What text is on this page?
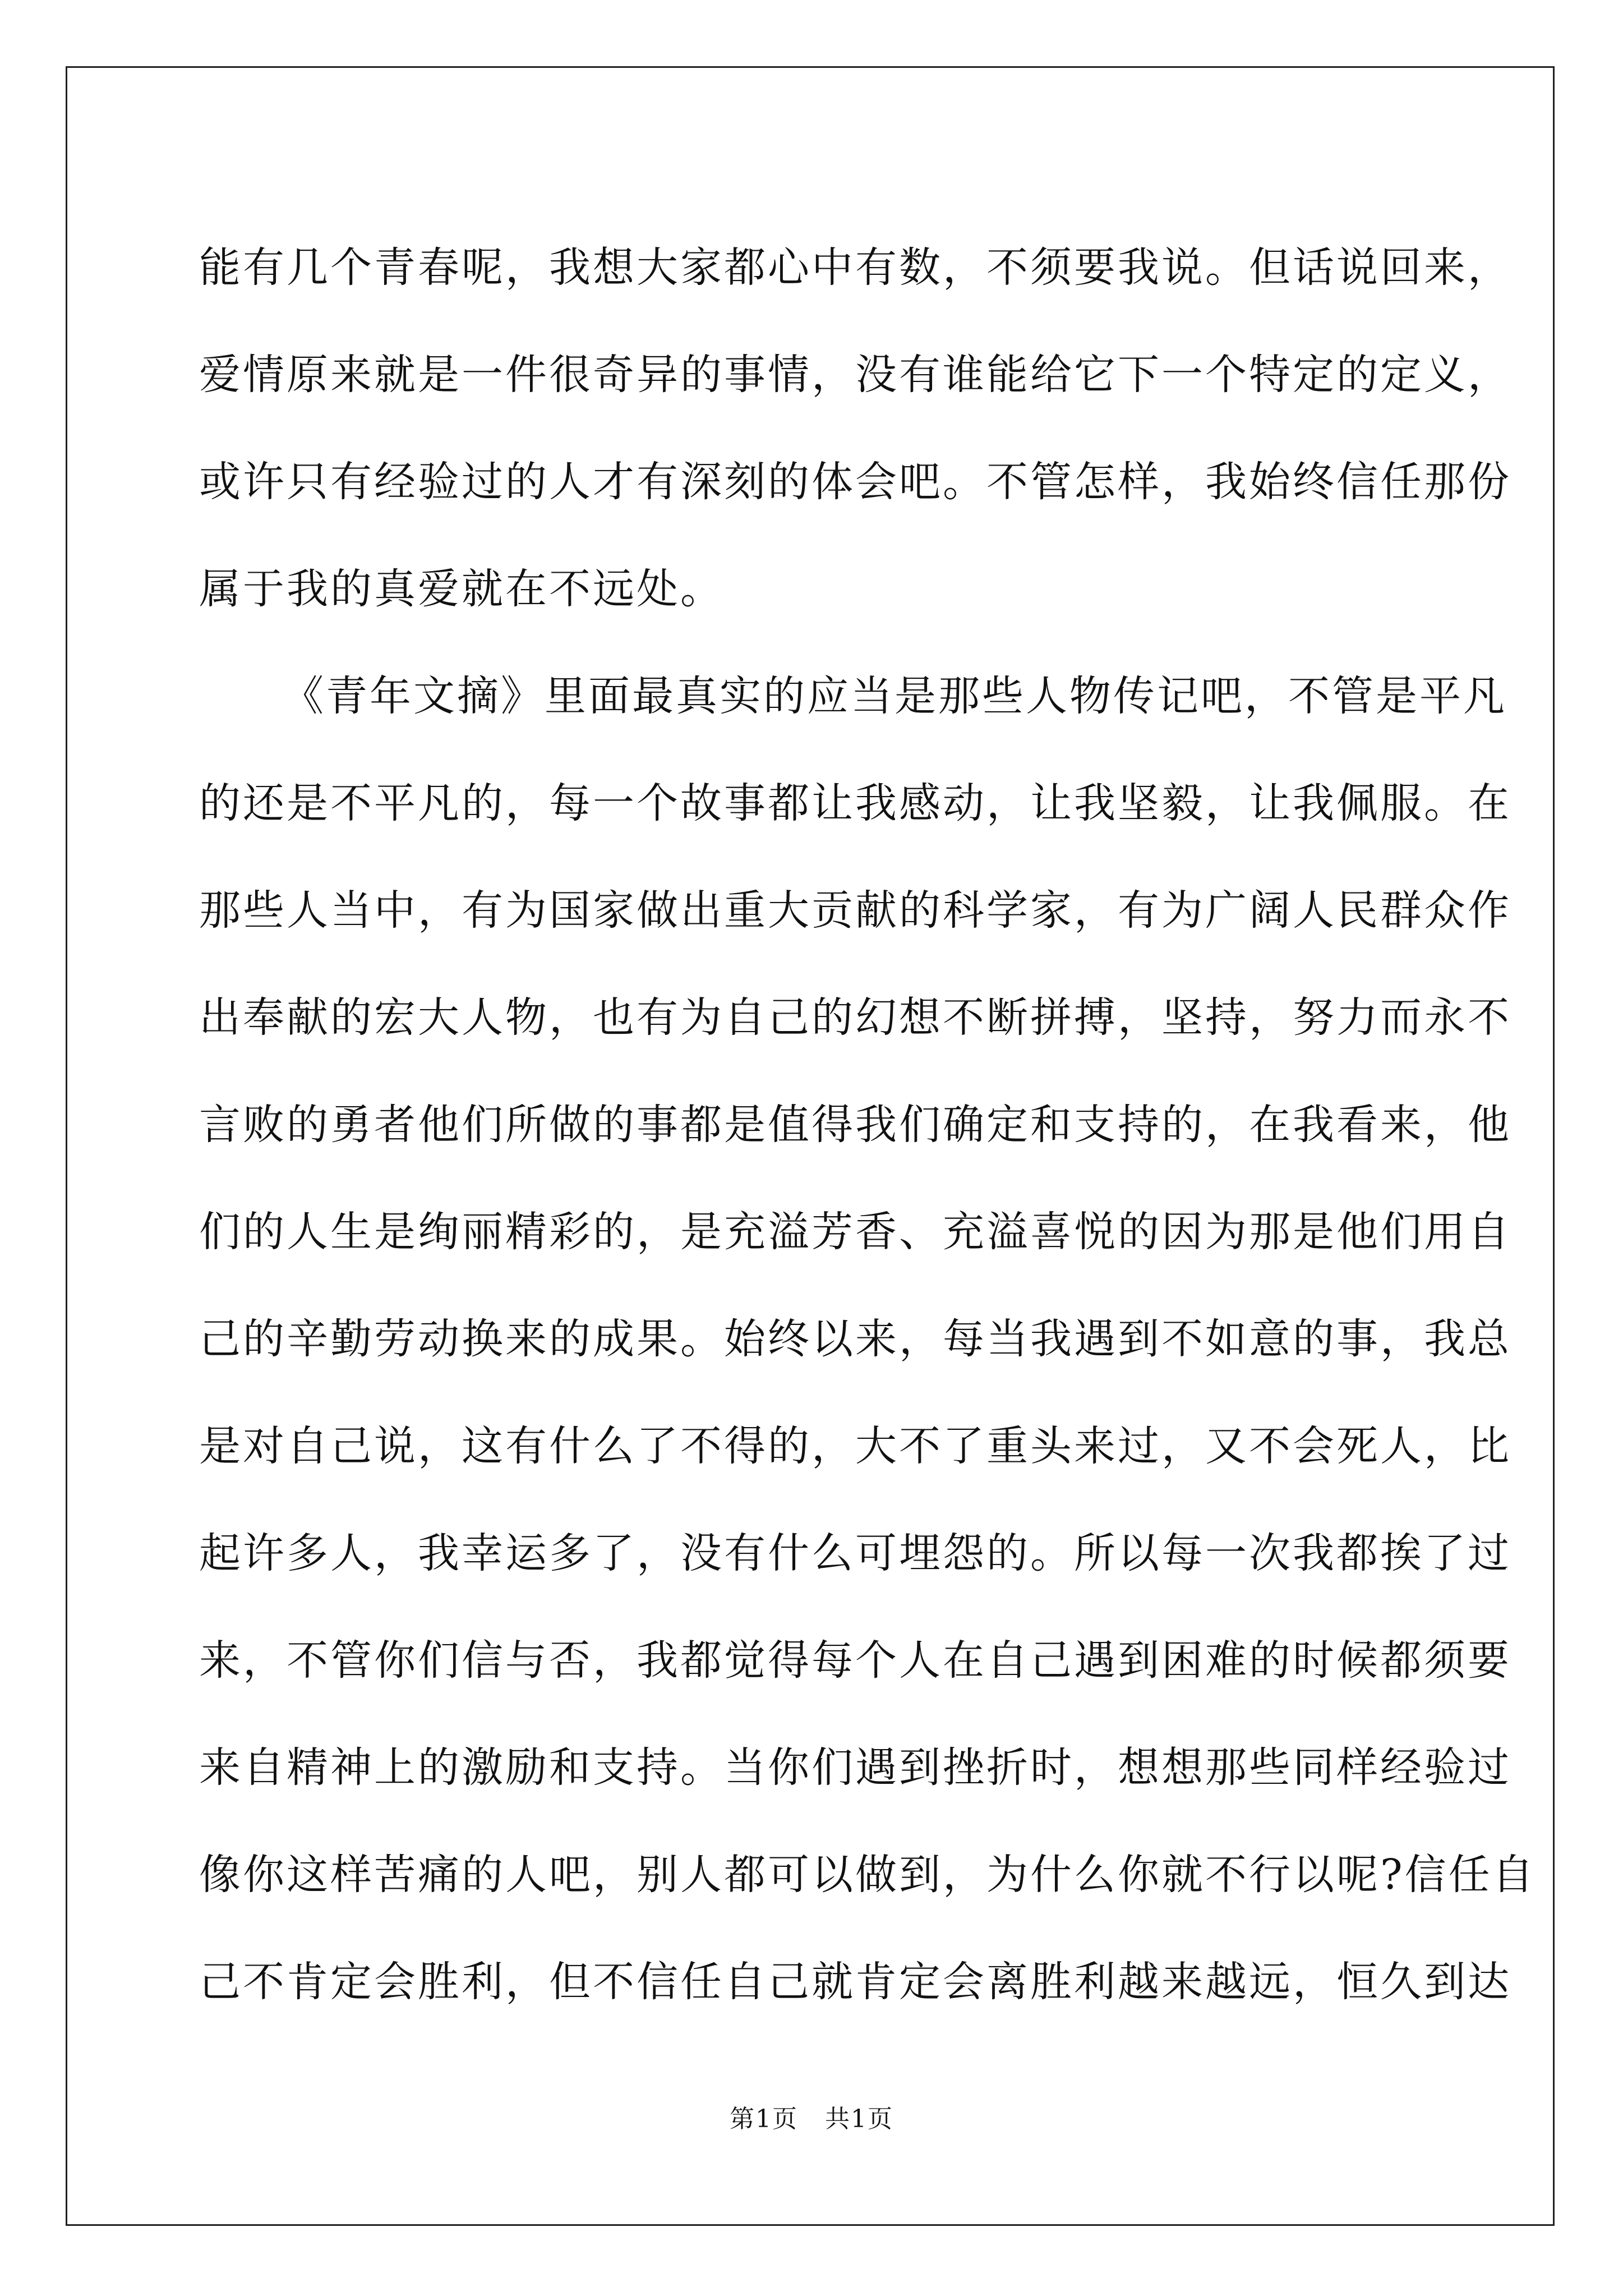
能有几个青春呢，我想大家都心中有数，不须要我说。但话说回来，
爱情原来就是一件很奇异的事情，没有谁能给它下一个特定的定义，
或许只有经验过的人才有深刻的体会吧。不管怎样，我始终信任那份
属于我的真爱就在不远处。
《青年文摘》里面最真实的应当是那些人物传记吧，不管是平凡
的还是不平凡的，每一个故事都让我感动，让我坚毅，让我佩服。在
那些人当中，有为国家做出重大贡献的科学家，有为广阔人民群众作
出奉献的宏大人物，也有为自己的幻想不断拼搏，坚持，努力而永不
言败的勇者他们所做的事都是值得我们确定和支持的，在我看来，他
们的人生是绚丽精彩的，是充溢芳香、充溢喜悦的因为那是他们用自
己的辛勤劳动换来的成果。始终以来，每当我遇到不如意的事，我总
是对自己说，这有什么了不得的，大不了重头来过，又不会死人，比
起许多人，我幸运多了，没有什么可埋怨的。所以每一次我都挨了过
来，不管你们信与否，我都觉得每个人在自己遇到困难的时候都须要
来自精神上的激励和支持。当你们遇到挫折时，想想那些同样经验过
像你这样苦痛的人吧，别人都可以做到，为什么你就不行以呢?信任自
己不肯定会胜利，但不信任自己就肯定会离胜利越来越远，恒久到达
第1页 共1页
